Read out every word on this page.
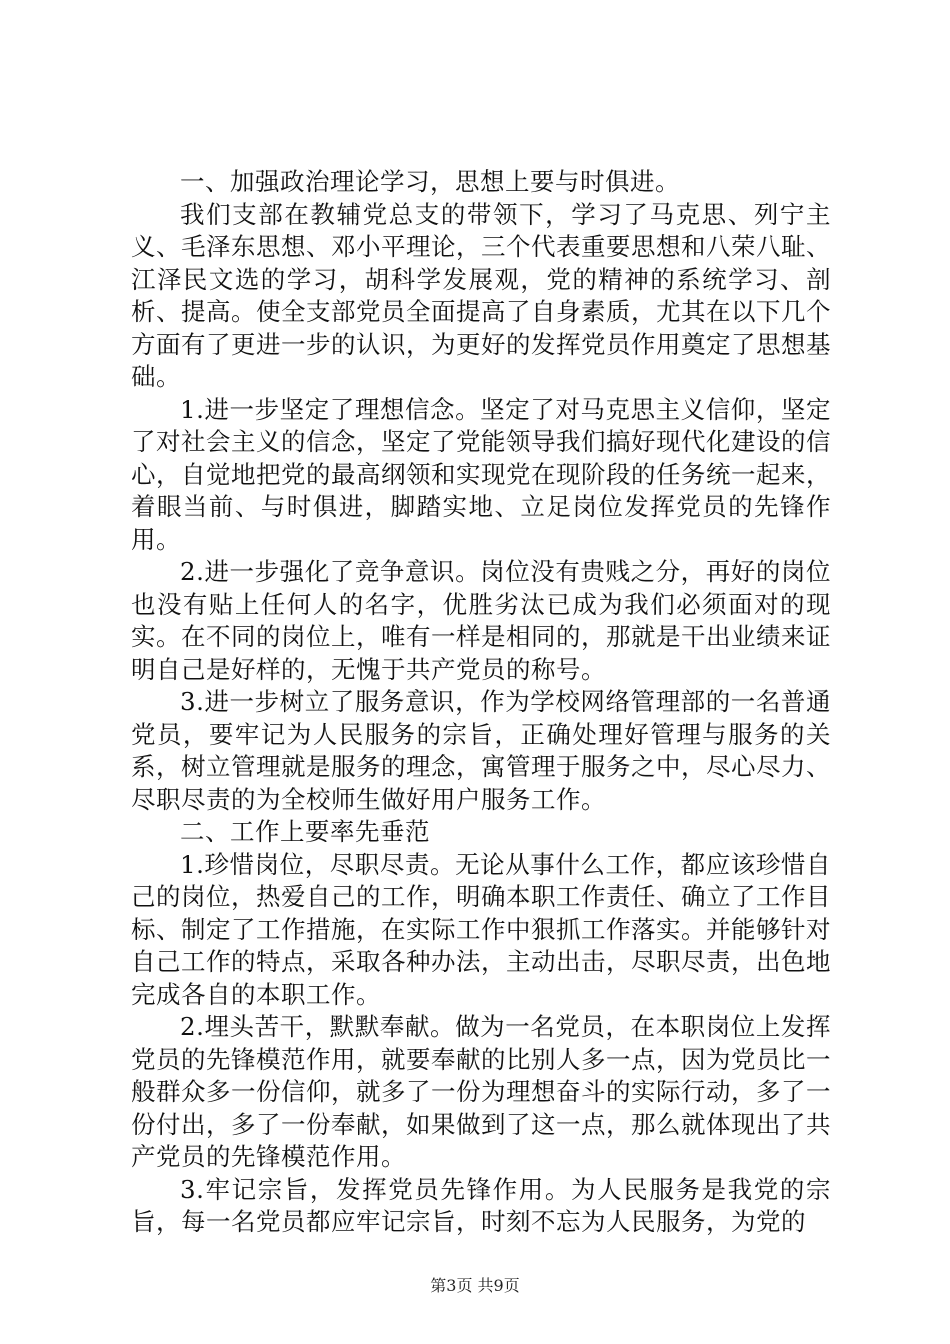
一、加强政治理论学习，思想上要与时俱进。

我们支部在教辅党总支的带领下，学习了马克思、列宁主义、毛泽东思想、邓小平理论，三个代表重要思想和八荣八耻、江泽民文选的学习，胡科学发展观，党的精神的系统学习、剖析、提高。使全支部党员全面提高了自身素质，尤其在以下几个方面有了更进一步的认识，为更好的发挥党员作用奠定了思想基础。

1.进一步坚定了理想信念。坚定了对马克思主义信仰，坚定了对社会主义的信念，坚定了党能领导我们搞好现代化建设的信心，自觉地把党的最高纲领和实现党在现阶段的任务统一起来，着眼当前、与时俱进，脚踏实地、立足岗位发挥党员的先锋作用。

2.进一步强化了竞争意识。岗位没有贵贱之分，再好的岗位也没有贴上任何人的名字，优胜劣汰已成为我们必须面对的现实。在不同的岗位上，唯有一样是相同的，那就是干出业绩来证明自己是好样的，无愧于共产党员的称号。

3.进一步树立了服务意识，作为学校网络管理部的一名普通党员，要牢记为人民服务的宗旨，正确处理好管理与服务的关系，树立管理就是服务的理念，寓管理于服务之中，尽心尽力、尽职尽责的为全校师生做好用户服务工作。

二、工作上要率先垂范

1.珍惜岗位，尽职尽责。无论从事什么工作，都应该珍惜自己的岗位，热爱自己的工作，明确本职工作责任、确立了工作目标、制定了工作措施，在实际工作中狠抓工作落实。并能够针对自己工作的特点，采取各种办法，主动出击，尽职尽责，出色地完成各自的本职工作。

2.埋头苦干，默默奉献。做为一名党员，在本职岗位上发挥党员的先锋模范作用，就要奉献的比别人多一点，因为党员比一般群众多一份信仰，就多了一份为理想奋斗的实际行动，多了一份付出，多了一份奉献，如果做到了这一点，那么就体现出了共产党员的先锋模范作用。

3.牢记宗旨，发挥党员先锋作用。为人民服务是我党的宗旨，每一名党员都应牢记宗旨，时刻不忘为人民服务，为党的

第3页 共9页
